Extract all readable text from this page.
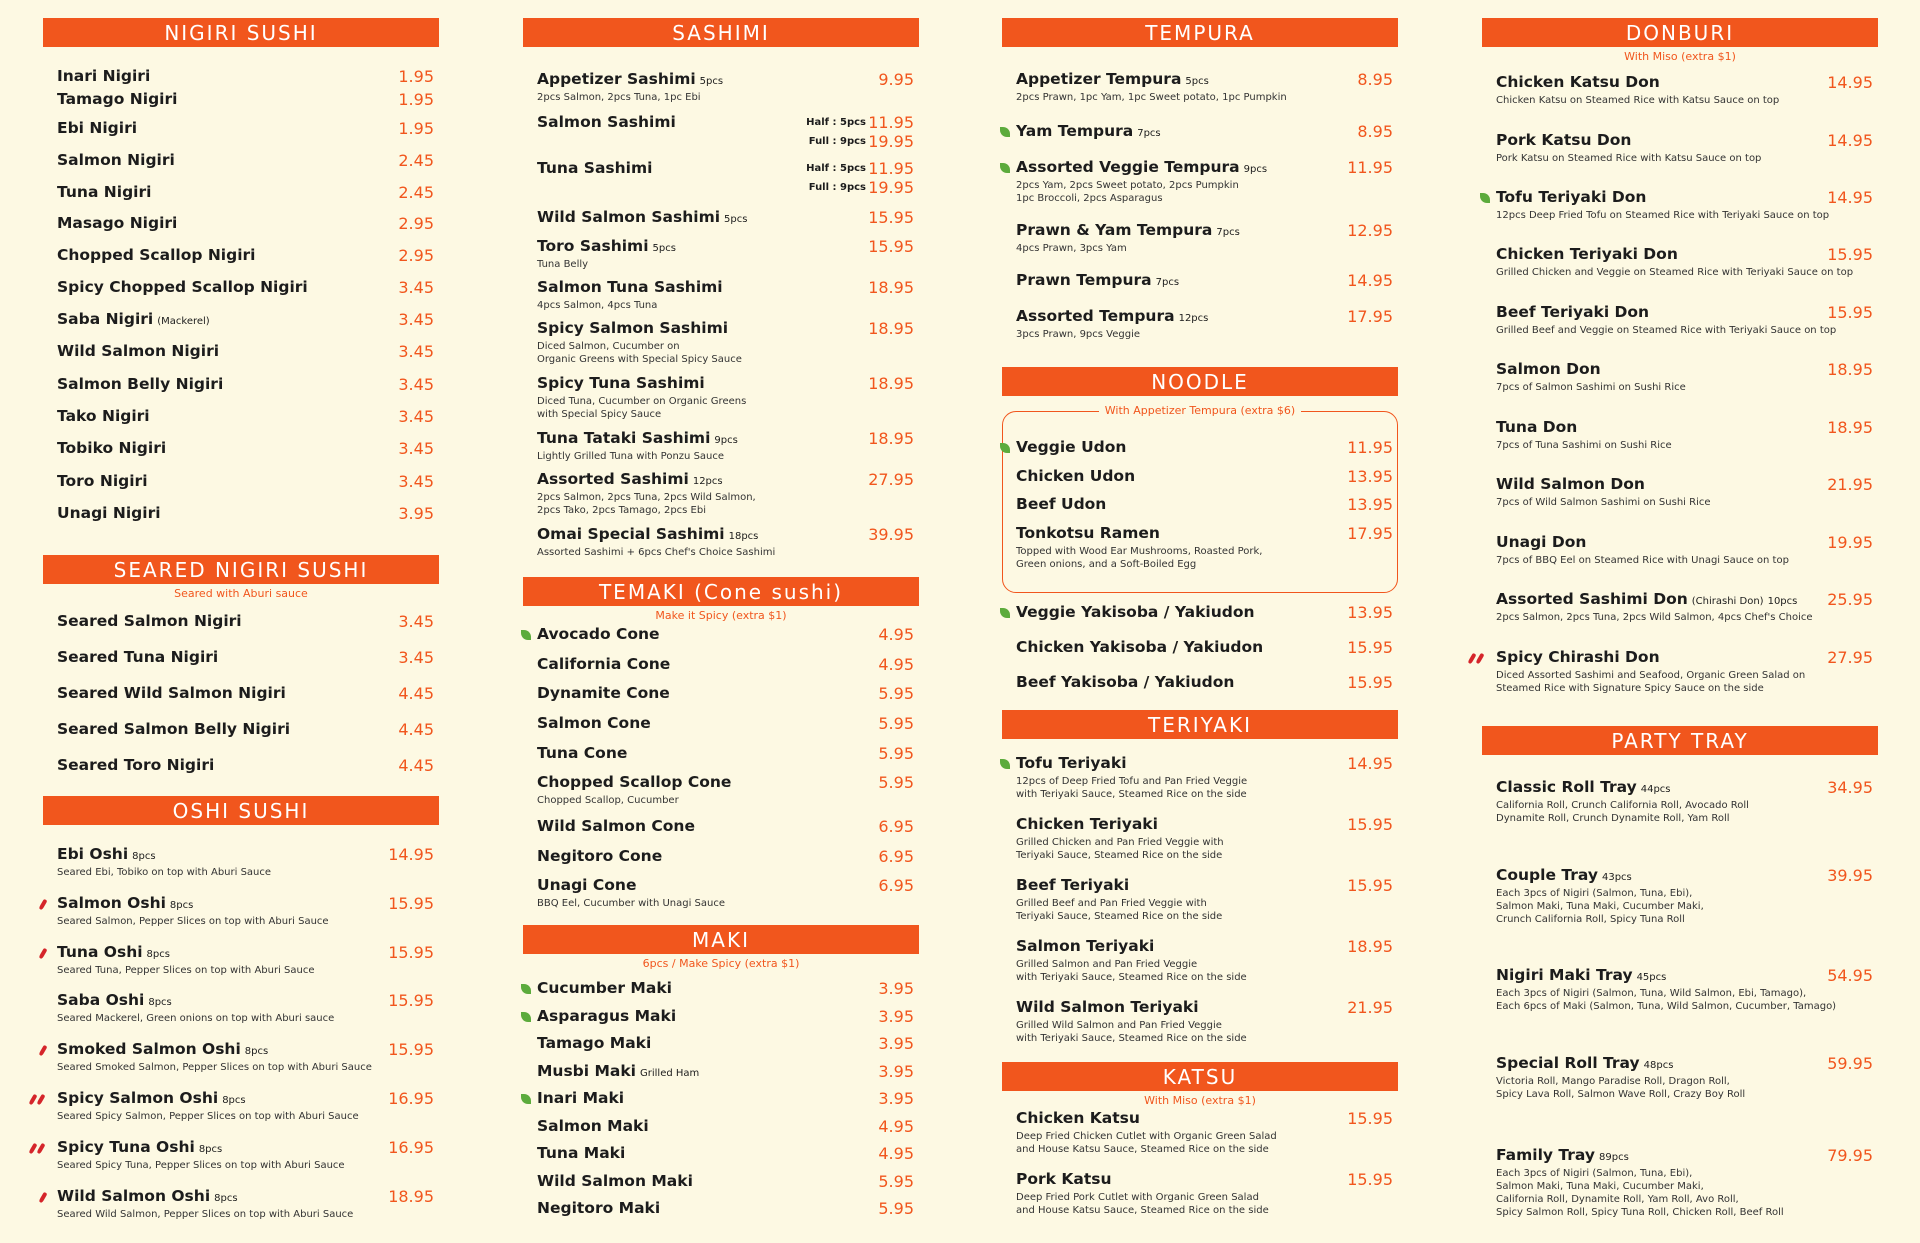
NIGIRI SUSHI
Inari Nigiri	1.95
Tamago Nigiri	1.95
Ebi Nigiri	1.95
Salmon Nigiri	2.45
Tuna Nigiri	2.45
Masago Nigiri	2.95
Chopped Scallop Nigiri	2.95
Spicy Chopped Scallop Nigiri	3.45
Saba Nigiri (Mackerel)	3.45
Wild Salmon Nigiri	3.45
Salmon Belly Nigiri	3.45
Tako Nigiri	3.45
Tobiko Nigiri	3.45
Toro Nigiri	3.45
Unagi Nigiri	3.95
SEARED NIGIRI SUSHI
Seared with Aburi sauce
Seared Salmon Nigiri	3.45
Seared Tuna Nigiri	3.45
Seared Wild Salmon Nigiri	4.45
Seared Salmon Belly Nigiri	4.45
Seared Toro Nigiri	4.45
OSHI SUSHI
Ebi Oshi 8pcs
Seared Ebi, Tobiko on top with Aburi Sauce
14.95
Salmon Oshi 8pcs
Seared Salmon, Pepper Slices on top with Aburi Sauce
15.95
Tuna Oshi 8pcs
Seared Tuna, Pepper Slices on top with Aburi Sauce
15.95
Saba Oshi 8pcs
Seared Mackerel, Green onions on top with Aburi sauce
15.95
Smoked Salmon Oshi 8pcs
Seared Smoked Salmon, Pepper Slices on top with Aburi Sauce
15.95
Spicy Salmon Oshi 8pcs
Seared Spicy Salmon, Pepper Slices on top with Aburi Sauce
16.95
Spicy Tuna Oshi 8pcs
Seared Spicy Tuna, Pepper Slices on top with Aburi Sauce
16.95
Wild Salmon Oshi 8pcs
Seared Wild Salmon, Pepper Slices on top with Aburi Sauce
18.95
SASHIMI
Appetizer Sashimi 5pcs
2pcs Salmon, 2pcs Tuna, 1pc Ebi
9.95
Salmon Sashimi	Half : 5pcs 11.95
Full : 9pcs 19.95
Tuna Sashimi	Half : 5pcs 11.95
Full : 9pcs 19.95
Wild Salmon Sashimi 5pcs	15.95
Toro Sashimi 5pcs
Tuna Belly
15.95
Salmon Tuna Sashimi
4pcs Salmon, 4pcs Tuna
18.95
Spicy Salmon Sashimi
Diced Salmon, Cucumber on
Organic Greens with Special Spicy Sauce
18.95
Spicy Tuna Sashimi
Diced Tuna, Cucumber on Organic Greens
with Special Spicy Sauce
18.95
Tuna Tataki Sashimi 9pcs
Lightly Grilled Tuna with Ponzu Sauce
18.95
Assorted Sashimi 12pcs
2pcs Salmon, 2pcs Tuna, 2pcs Wild Salmon,
2pcs Tako, 2pcs Tamago, 2pcs Ebi
27.95
Omai Special Sashimi 18pcs
Assorted Sashimi + 6pcs Chef's Choice Sashimi
39.95
TEMAKI (Cone sushi)
Make it Spicy (extra $1)
Avocado Cone	4.95
California Cone	4.95
Dynamite Cone	5.95
Salmon Cone	5.95
Tuna Cone	5.95
Chopped Scallop Cone
Chopped Scallop, Cucumber
5.95
Wild Salmon Cone	6.95
Negitoro Cone	6.95
Unagi Cone
BBQ Eel, Cucumber with Unagi Sauce
6.95
MAKI
6pcs / Make Spicy (extra $1)
Cucumber Maki	3.95
Asparagus Maki	3.95
Tamago Maki	3.95
Musbi Maki Grilled Ham	3.95
Inari Maki	3.95
Salmon Maki	4.95
Tuna Maki	4.95
Wild Salmon Maki	5.95
Negitoro Maki	5.95
TEMPURA
Appetizer Tempura 5pcs
2pcs Prawn, 1pc Yam, 1pc Sweet potato, 1pc Pumpkin
8.95
Yam Tempura 7pcs	8.95
Assorted Veggie Tempura 9pcs
2pcs Yam, 2pcs Sweet potato, 2pcs Pumpkin
1pc Broccoli, 2pcs Asparagus
11.95
Prawn & Yam Tempura 7pcs
4pcs Prawn, 3pcs Yam
12.95
Prawn Tempura 7pcs	14.95
Assorted Tempura 12pcs
3pcs Prawn, 9pcs Veggie
17.95
NOODLE
With Appetizer Tempura (extra $6)
Veggie Udon	11.95
Chicken Udon	13.95
Beef Udon	13.95
Tonkotsu Ramen
Topped with Wood Ear Mushrooms, Roasted Pork,
Green onions, and a Soft-Boiled Egg
17.95
Veggie Yakisoba / Yakiudon	13.95
Chicken Yakisoba / Yakiudon	15.95
Beef Yakisoba / Yakiudon	15.95
TERIYAKI
Tofu Teriyaki
12pcs of Deep Fried Tofu and Pan Fried Veggie
with Teriyaki Sauce, Steamed Rice on the side
14.95
Chicken Teriyaki
Grilled Chicken and Pan Fried Veggie with
Teriyaki Sauce, Steamed Rice on the side
15.95
Beef Teriyaki
Grilled Beef and Pan Fried Veggie with
Teriyaki Sauce, Steamed Rice on the side
15.95
Salmon Teriyaki
Grilled Salmon and Pan Fried Veggie
with Teriyaki Sauce, Steamed Rice on the side
18.95
Wild Salmon Teriyaki
Grilled Wild Salmon and Pan Fried Veggie
with Teriyaki Sauce, Steamed Rice on the side
21.95
KATSU
With Miso (extra $1)
Chicken Katsu
Deep Fried Chicken Cutlet with Organic Green Salad
and House Katsu Sauce, Steamed Rice on the side
15.95
Pork Katsu
Deep Fried Pork Cutlet with Organic Green Salad
and House Katsu Sauce, Steamed Rice on the side
15.95
DONBURI
With Miso (extra $1)
Chicken Katsu Don
Chicken Katsu on Steamed Rice with Katsu Sauce on top
14.95
Pork Katsu Don
Pork Katsu on Steamed Rice with Katsu Sauce on top
14.95
Tofu Teriyaki Don
12pcs Deep Fried Tofu on Steamed Rice with Teriyaki Sauce on top
14.95
Chicken Teriyaki Don
Grilled Chicken and Veggie on Steamed Rice with Teriyaki Sauce on top
15.95
Beef Teriyaki Don
Grilled Beef and Veggie on Steamed Rice with Teriyaki Sauce on top
15.95
Salmon Don
7pcs of Salmon Sashimi on Sushi Rice
18.95
Tuna Don
7pcs of Tuna Sashimi on Sushi Rice
18.95
Wild Salmon Don
7pcs of Wild Salmon Sashimi on Sushi Rice
21.95
Unagi Don
7pcs of BBQ Eel on Steamed Rice with Unagi Sauce on top
19.95
Assorted Sashimi Don (Chirashi Don) 10pcs
2pcs Salmon, 2pcs Tuna, 2pcs Wild Salmon, 4pcs Chef's Choice
25.95
Spicy Chirashi Don
Diced Assorted Sashimi and Seafood, Organic Green Salad on
Steamed Rice with Signature Spicy Sauce on the side
27.95
PARTY TRAY
Classic Roll Tray 44pcs
California Roll, Crunch California Roll, Avocado Roll
Dynamite Roll, Crunch Dynamite Roll, Yam Roll
34.95
Couple Tray 43pcs
Each 3pcs of Nigiri (Salmon, Tuna, Ebi),
Salmon Maki, Tuna Maki, Cucumber Maki,
Crunch California Roll, Spicy Tuna Roll
39.95
Nigiri Maki Tray 45pcs
Each 3pcs of Nigiri (Salmon, Tuna, Wild Salmon, Ebi, Tamago),
Each 6pcs of Maki (Salmon, Tuna, Wild Salmon, Cucumber, Tamago)
54.95
Special Roll Tray 48pcs
Victoria Roll, Mango Paradise Roll, Dragon Roll,
Spicy Lava Roll, Salmon Wave Roll, Crazy Boy Roll
59.95
Family Tray 89pcs
Each 3pcs of Nigiri (Salmon, Tuna, Ebi),
Salmon Maki, Tuna Maki, Cucumber Maki,
California Roll, Dynamite Roll, Yam Roll, Avo Roll,
Spicy Salmon Roll, Spicy Tuna Roll, Chicken Roll, Beef Roll
79.95
